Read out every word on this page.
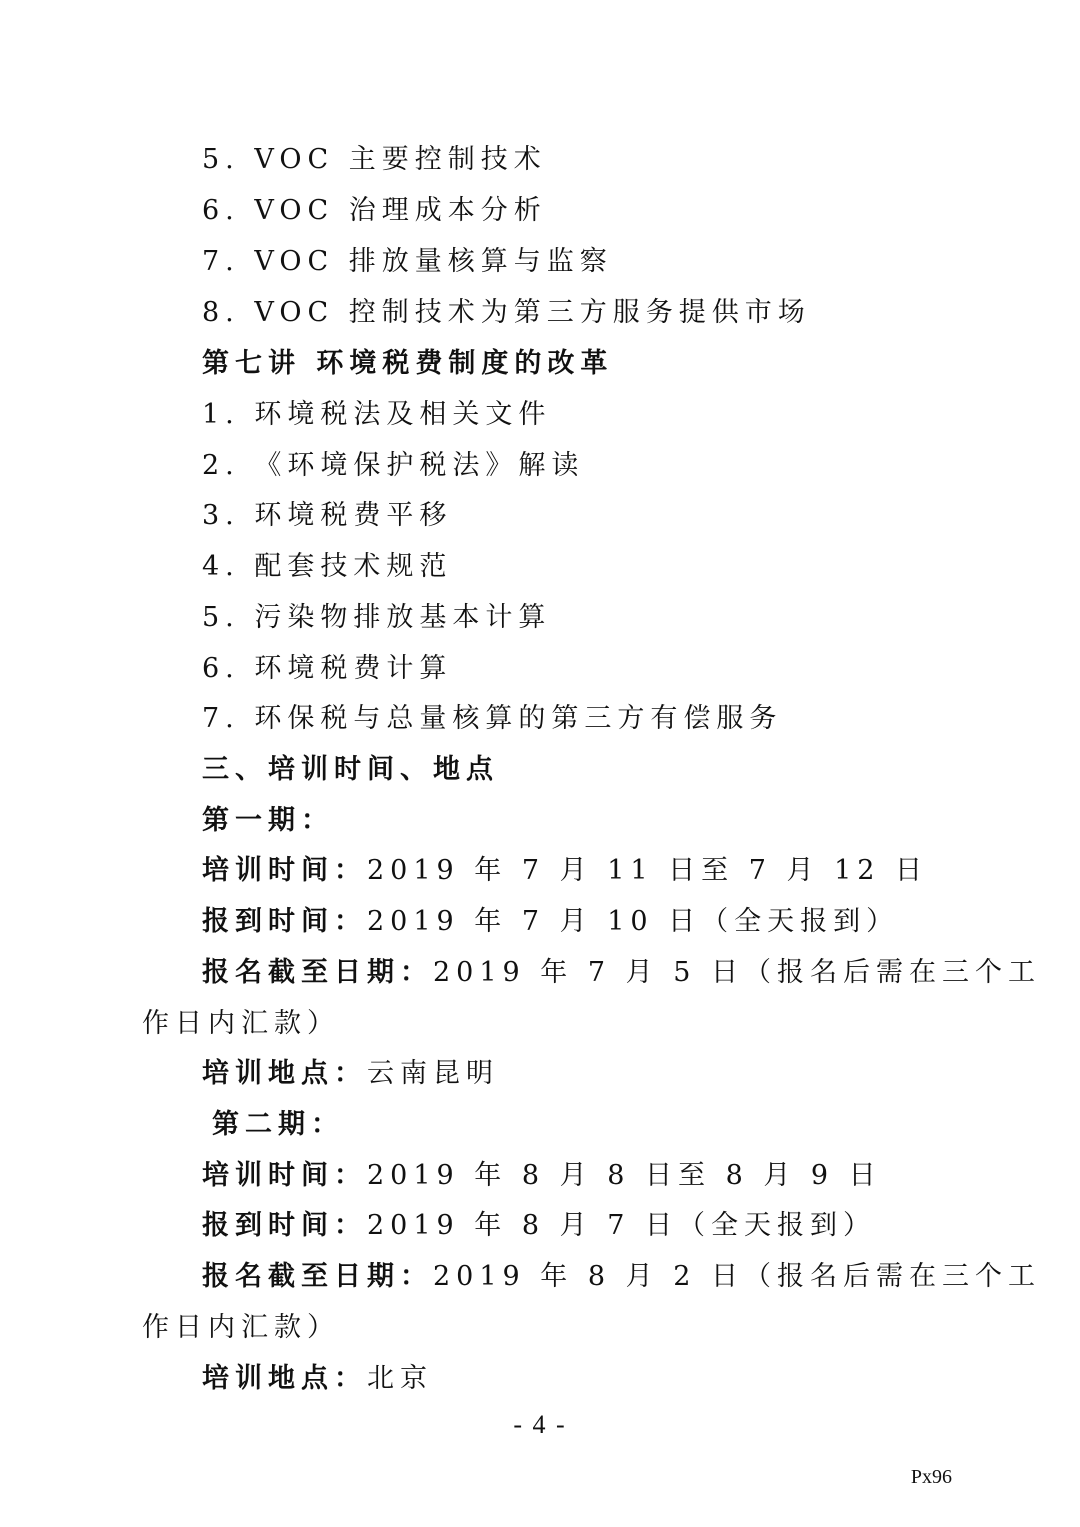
5. VOC 主要控制技术
6. VOC 治理成本分析
7. VOC 排放量核算与监察
8. VOC 控制技术为第三方服务提供市场
第七讲 环境税费制度的改革
1. 环境税法及相关文件
2. 《环境保护税法》解读
3. 环境税费平移
4. 配套技术规范
5. 污染物排放基本计算
6. 环境税费计算
7. 环保税与总量核算的第三方有偿服务
三、培训时间、地点
第一期：
培训时间：2019 年 7 月 11 日至 7 月 12 日
报到时间：2019 年 7 月 10 日（全天报到）
报名截至日期：2019 年 7 月 5 日（报名后需在三个工
作日内汇款）
培训地点：云南昆明
第二期：
培训时间：2019 年 8 月 8 日至 8 月 9 日
报到时间：2019 年 8 月 7 日（全天报到）
报名截至日期：2019 年 8 月 2 日（报名后需在三个工
作日内汇款）
培训地点：北京
- 4 -
Px96
